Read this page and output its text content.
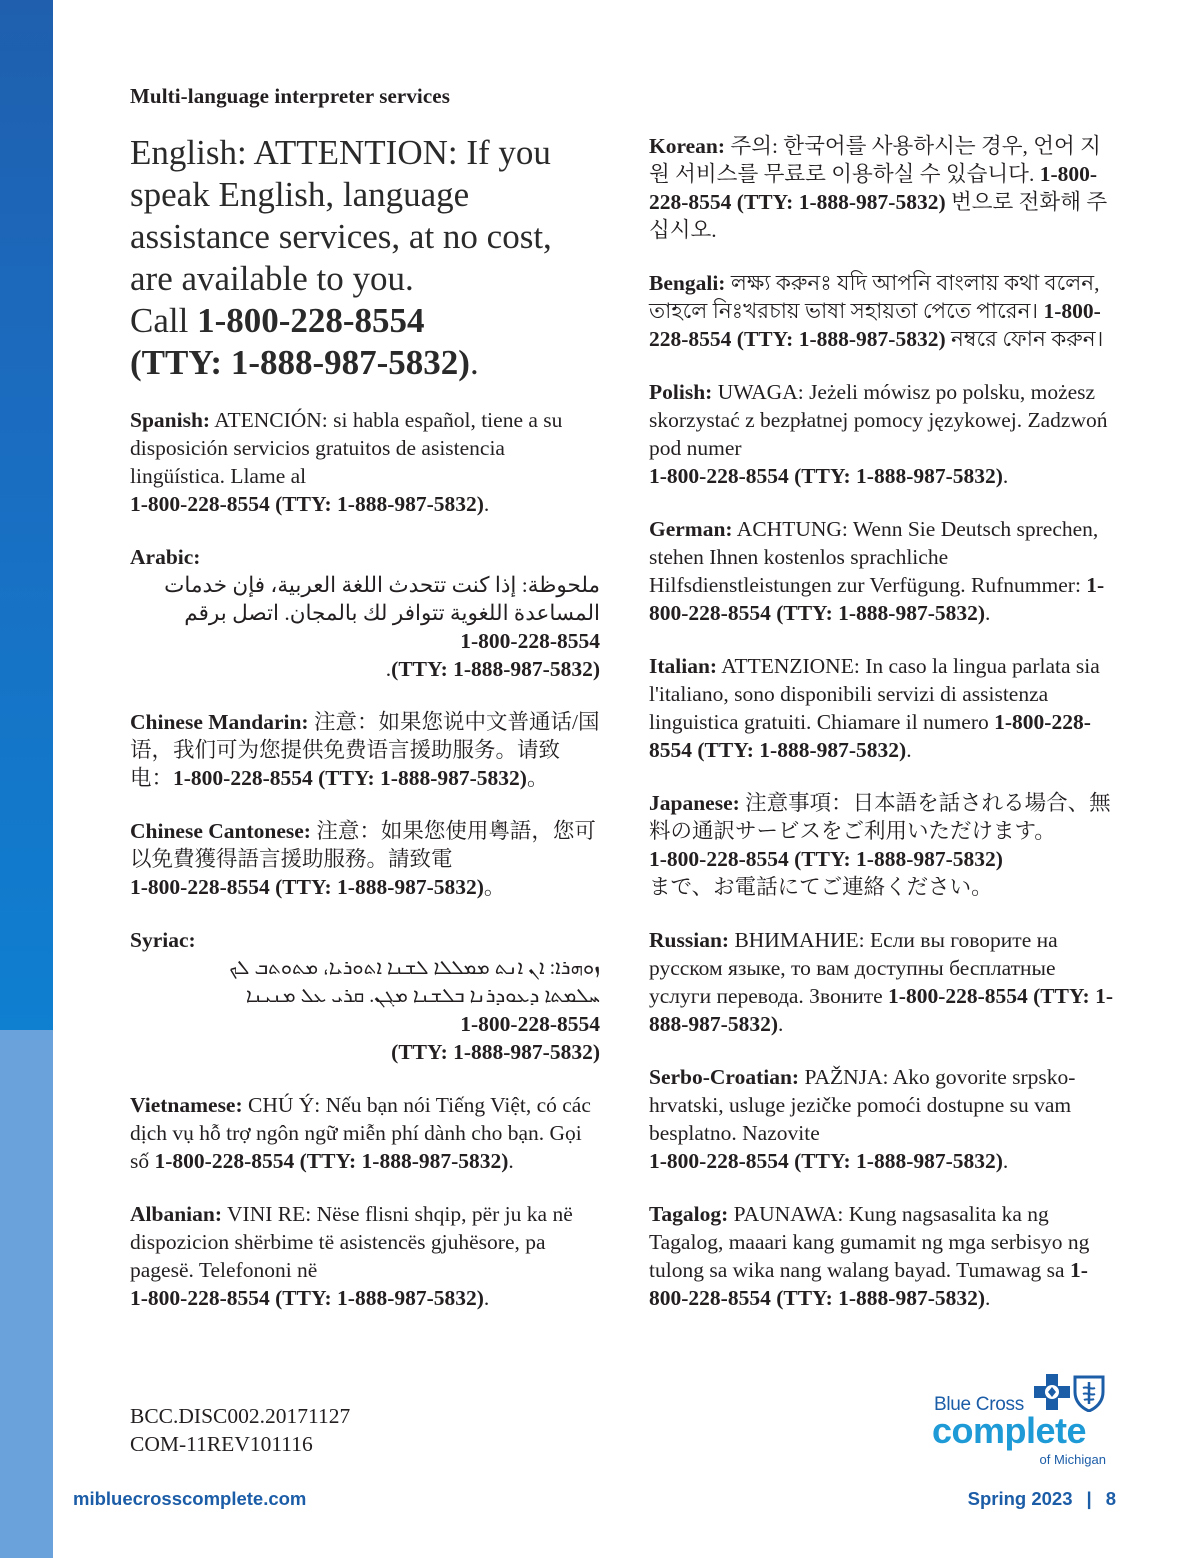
Multi-language interpreter services
English: ATTENTION: If you speak English, language assistance services, at no cost, are available to you.
Call 1-800-228-8554
(TTY: 1-888-987-5832).

Spanish: ATENCIÓN: si habla español, tiene a su disposición servicios gratuitos de asistencia lingüística. Llame al
1-800-228-8554 (TTY: 1-888-987-5832).

Arabic:
ملحوظة: إذا كنت تتحدث اللغة العربية، فإن خدمات المساعدة اللغوية تتوافر لك بالمجان. اتصل برقم
1-800-228-8554
.(TTY: 1-888-987-5832)

Chinese Mandarin: 注意：如果您说中文普通话/国语，我们可为您提供免费语言援助服务。请致电：1-800-228-8554 (TTY: 1-888-987-5832)。

Chinese Cantonese: 注意：如果您使用粵語，您可以免費獲得語言援助服務。請致電
1-800-228-8554 (TTY: 1-888-987-5832)。

Syriac:
ܙܘܗܪܐ: ܐܢ ܐܢܬ ܡܡܠܠܐ ܠܫܢܐ ܐܬܘܪܝܐ، ܡܬܘܬܒ ܠܟ
ܚܠܡܬܐ ܕܥܘܕܪܢܐ ܒܠܫܢܐ ܡܓܢ. ܩܪܝ ܥܠ ܡܢܝܢܐ
1-800-228-8554
(TTY: 1-888-987-5832)

Vietnamese: CHÚ Ý: Nếu bạn nói Tiếng Việt, có các dịch vụ hỗ trợ ngôn ngữ miễn phí dành cho bạn. Gọi số 1-800-228-8554 (TTY: 1-888-987-5832).

Albanian: VINI RE: Nëse flisni shqip, për ju ka në dispozicion shërbime të asistencës gjuhësore, pa pagesë. Telefononi në
1-800-228-8554 (TTY: 1-888-987-5832).

Korean: 주의: 한국어를 사용하시는 경우, 언어 지원 서비스를 무료로 이용하실 수 있습니다. 1-800-228-8554 (TTY: 1-888-987-5832) 번으로 전화해 주십시오.

Bengali: লক্ষ্য করুনঃ যদি আপনি বাংলায় কথা বলেন, তাহলে নিঃখরচায় ভাষা সহায়তা পেতে পারেন। 1-800-228-8554 (TTY: 1-888-987-5832) নম্বরে ফোন করুন।

Polish: UWAGA: Jeżeli mówisz po polsku, możesz skorzystać z bezpłatnej pomocy językowej. Zadzwoń pod numer
1-800-228-8554 (TTY: 1-888-987-5832).

German: ACHTUNG: Wenn Sie Deutsch sprechen, stehen Ihnen kostenlos sprachliche Hilfsdienstleistungen zur Verfügung. Rufnummer: 1-800-228-8554 (TTY: 1-888-987-5832).

Italian: ATTENZIONE: In caso la lingua parlata sia l'italiano, sono disponibili servizi di assistenza linguistica gratuiti. Chiamare il numero 1-800-228-8554 (TTY: 1-888-987-5832).

Japanese: 注意事項：日本語を話される場合、無料の通訳サービスをご利用いただけます。
1-800-228-8554 (TTY: 1-888-987-5832)
まで、お電話にてご連絡ください。

Russian: ВНИМАНИЕ: Если вы говорите на русском языке, то вам доступны бесплатные услуги перевода. Звоните 1-800-228-8554 (TTY: 1-888-987-5832).

Serbo-Croatian: PAŽNJA: Ako govorite srpsko-hrvatski, usluge jezičke pomoći dostupne su vam besplatno. Nazovite
1-800-228-8554 (TTY: 1-888-987-5832).

Tagalog: PAUNAWA: Kung nagsasalita ka ng Tagalog, maaari kang gumamit ng mga serbisyo ng tulong sa wika nang walang bayad. Tumawag sa 1-800-228-8554 (TTY: 1-888-987-5832).

BCC.DISC002.20171127
COM-11REV101116
Blue Cross
complete
of Michigan
mibluecrosscomplete.com	Spring 2023 | 8
